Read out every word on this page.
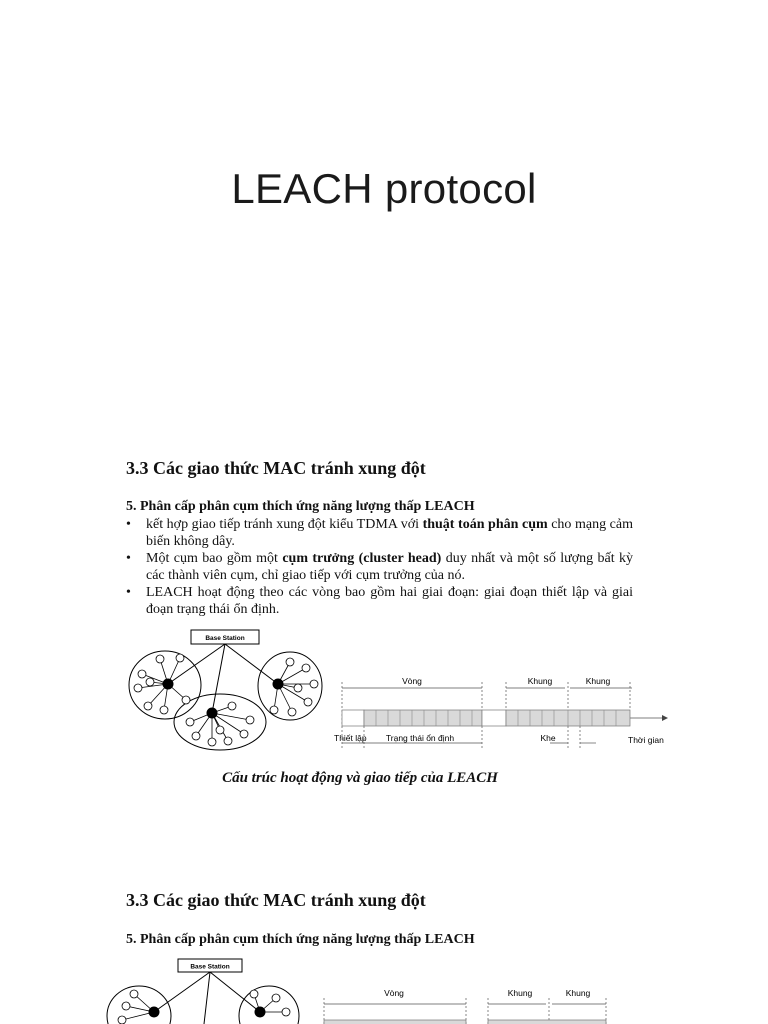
LEACH protocol
3.3 Các giao thức MAC tránh xung đột
5. Phân cấp phân cụm thích ứng năng lượng thấp LEACH
• kết hợp giao tiếp tránh xung đột kiểu TDMA với thuật toán phân cụm cho mạng cảm biến không dây.
• Một cụm bao gồm một cụm trưởng (cluster head) duy nhất và một số lượng bất kỳ các thành viên cụm, chỉ giao tiếp với cụm trưởng của nó.
• LEACH hoạt động theo các vòng bao gồm hai giai đoạn: giai đoạn thiết lập và giai đoạn trạng thái ổn định.
Base Station
Vòng	Khung	Khung
Thiết lập Trạng thái ổn định	Khe	Thời gian
Cấu trúc hoạt động và giao tiếp của LEACH
3.3 Các giao thức MAC tránh xung đột
5. Phân cấp phân cụm thích ứng năng lượng thấp LEACH
Base Station
Vòng	Khung	Khung
